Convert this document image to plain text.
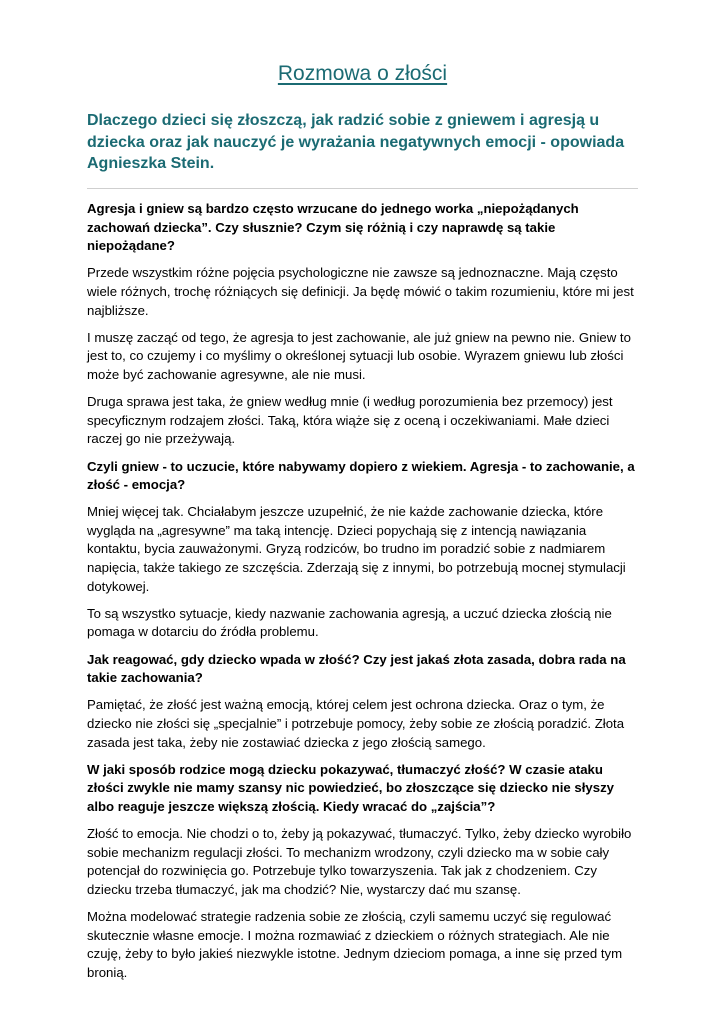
Rozmowa o złości
Dlaczego dzieci się złoszczą, jak radzić sobie z gniewem i agresją u dziecka oraz jak nauczyć je wyrażania negatywnych emocji - opowiada Agnieszka Stein.

Agresja i gniew są bardzo często wrzucane do jednego worka „niepożądanych zachowań dziecka”. Czy słusznie? Czym się różnią i czy naprawdę są takie niepożądane?

Przede wszystkim różne pojęcia psychologiczne nie zawsze są jednoznaczne. Mają często wiele różnych, trochę różniących się definicji. Ja będę mówić o takim rozumieniu, które mi jest najbliższe.

I muszę zacząć od tego, że agresja to jest zachowanie, ale już gniew na pewno nie. Gniew to jest to, co czujemy i co myślimy o określonej sytuacji lub osobie. Wyrazem gniewu lub złości może być zachowanie agresywne, ale nie musi.

Druga sprawa jest taka, że gniew według mnie (i według porozumienia bez przemocy) jest specyficznym rodzajem złości. Taką, która wiąże się z oceną i oczekiwaniami. Małe dzieci raczej go nie przeżywają.

Czyli gniew - to uczucie, które nabywamy dopiero z wiekiem. Agresja - to zachowanie, a złość - emocja?

Mniej więcej tak. Chciałabym jeszcze uzupełnić, że nie każde zachowanie dziecka, które wygląda na „agresywne” ma taką intencję. Dzieci popychają się z intencją nawiązania kontaktu, bycia zauważonymi. Gryzą rodziców, bo trudno im poradzić sobie z nadmiarem napięcia, także takiego ze szczęścia. Zderzają się z innymi, bo potrzebują mocnej stymulacji dotykowej.

To są wszystko sytuacje, kiedy nazwanie zachowania agresją, a uczuć dziecka złością nie pomaga w dotarciu do źródła problemu.

Jak reagować, gdy dziecko wpada w złość? Czy jest jakaś złota zasada, dobra rada na takie zachowania?

Pamiętać, że złość jest ważną emocją, której celem jest ochrona dziecka. Oraz o tym, że dziecko nie złości się „specjalnie” i potrzebuje pomocy, żeby sobie ze złością poradzić. Złota zasada jest taka, żeby nie zostawiać dziecka z jego złością samego.

W jaki sposób rodzice mogą dziecku pokazywać, tłumaczyć złość? W czasie ataku złości zwykle nie mamy szansy nic powiedzieć, bo złoszczące się dziecko nie słyszy albo reaguje jeszcze większą złością. Kiedy wracać do „zajścia”?

Złość to emocja. Nie chodzi o to, żeby ją pokazywać, tłumaczyć. Tylko, żeby dziecko wyrobiło sobie mechanizm regulacji złości. To mechanizm wrodzony, czyli dziecko ma w sobie cały potencjał do rozwinięcia go. Potrzebuje tylko towarzyszenia. Tak jak z chodzeniem. Czy dziecku trzeba tłumaczyć, jak ma chodzić? Nie, wystarczy dać mu szansę.

Można modelować strategie radzenia sobie ze złością, czyli samemu uczyć się regulować skutecznie własne emocje. I można rozmawiać z dzieckiem o różnych strategiach. Ale nie czuję, żeby to było jakieś niezwykle istotne. Jednym dzieciom pomaga, a inne się przed tym bronią.
